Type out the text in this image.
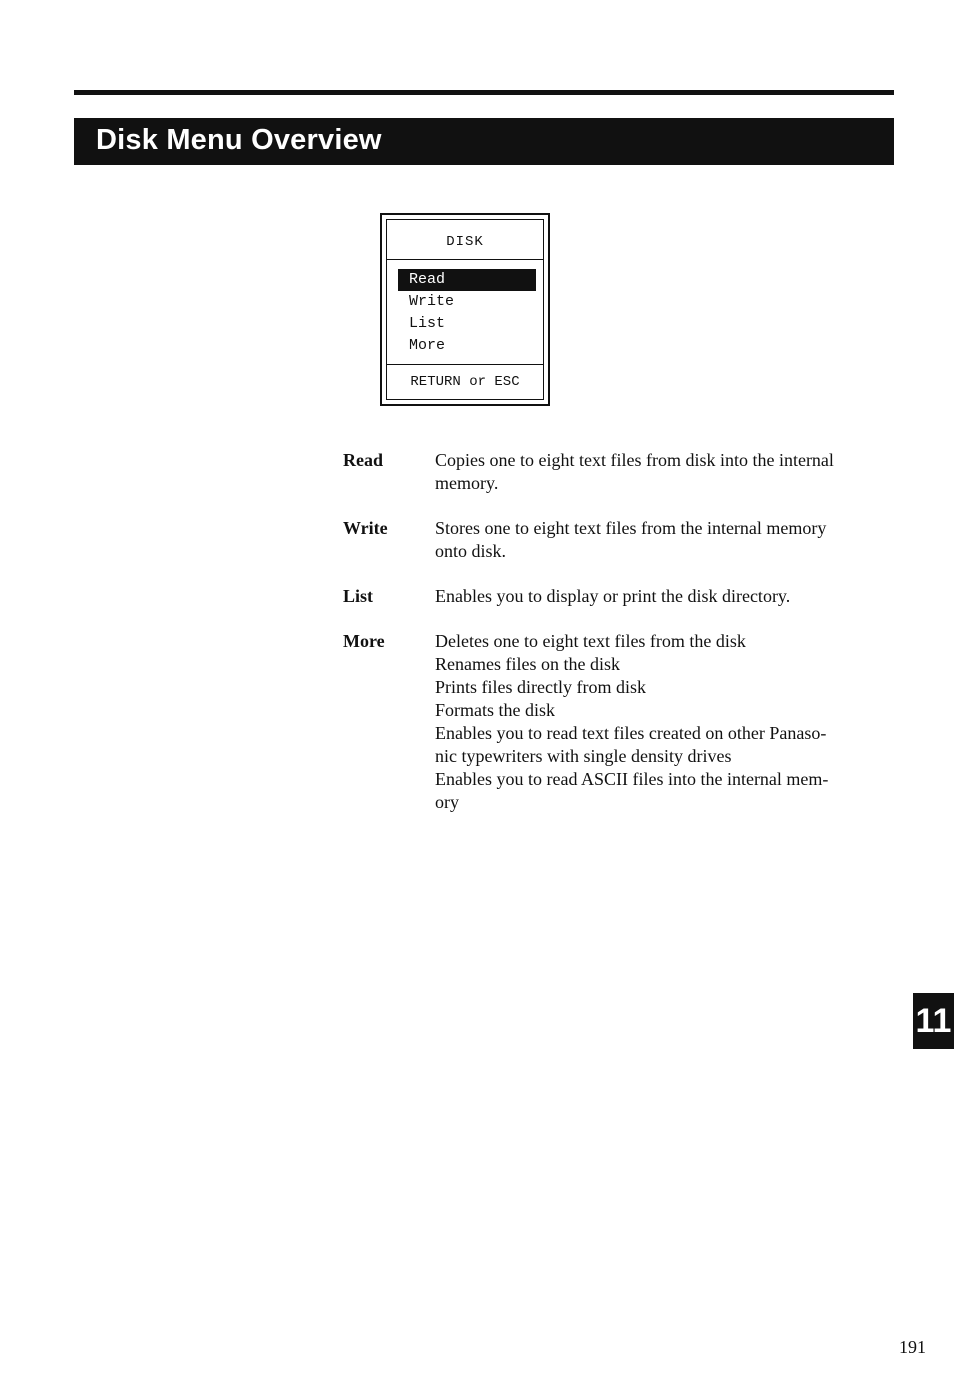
Disk Menu Overview
DISK
Read
Write
List
More
RETURN or ESC
Read	Copies one to eight text files from disk into the internal
memory.
Write	Stores one to eight text files from the internal memory
onto disk.
List	Enables you to display or print the disk directory.
More	Deletes one to eight text files from the disk
Renames files on the disk
Prints files directly from disk
Formats the disk
Enables you to read text files created on other Panaso-
nic typewriters with single density drives
Enables you to read ASCII files into the internal mem-
ory
11
191
